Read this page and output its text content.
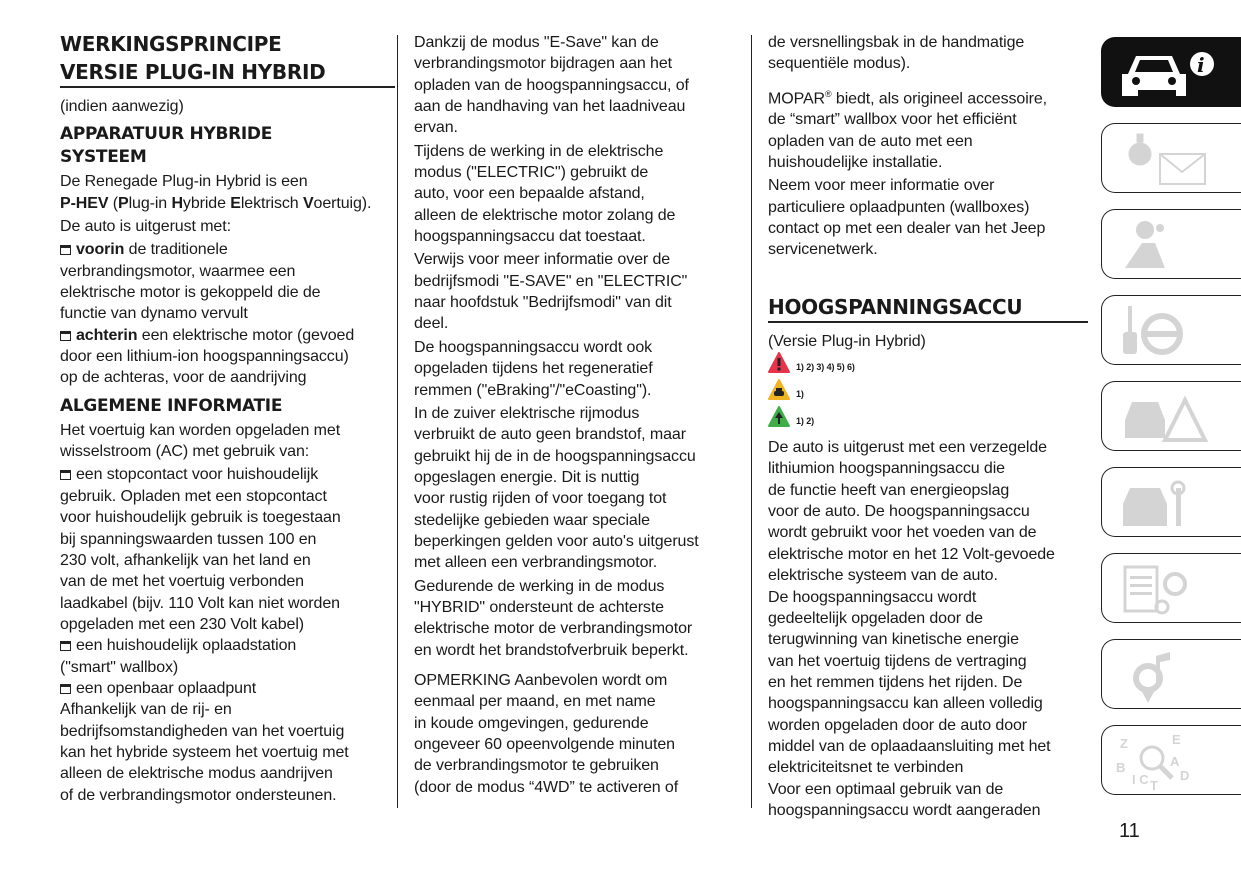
WERKINGSPRINCIPE
VERSIE PLUG-IN HYBRID
(indien aanwezig)
APPARATUUR HYBRIDE
SYSTEEM
De Renegade Plug-in Hybrid is een
P-HEV (Plug-in Hybride Elektrisch Voertuig).
De auto is uitgerust met:
voorin de traditionele
verbrandingsmotor, waarmee een
elektrische motor is gekoppeld die de
functie van dynamo vervult
achterin een elektrische motor (gevoed
door een lithium-ion hoogspanningsaccu)
op de achteras, voor de aandrijving
ALGEMENE INFORMATIE
Het voertuig kan worden opgeladen met
wisselstroom (AC) met gebruik van:
een stopcontact voor huishoudelijk
gebruik. Opladen met een stopcontact
voor huishoudelijk gebruik is toegestaan
bij spanningswaarden tussen 100 en
230 volt, afhankelijk van het land en
van de met het voertuig verbonden
laadkabel (bijv. 110 Volt kan niet worden
opgeladen met een 230 Volt kabel)
een huishoudelijk oplaadstation
("smart" wallbox)
een openbaar oplaadpunt
Afhankelijk van de rij- en
bedrijfsomstandigheden van het voertuig
kan het hybride systeem het voertuig met
alleen de elektrische modus aandrijven
of de verbrandingsmotor ondersteunen.
Dankzij de modus "E-Save" kan de
verbrandingsmotor bijdragen aan het
opladen van de hoogspanningsaccu, of
aan de handhaving van het laadniveau
ervan.
Tijdens de werking in de elektrische
modus ("ELECTRIC") gebruikt de
auto, voor een bepaalde afstand,
alleen de elektrische motor zolang de
hoogspanningsaccu dat toestaat.
Verwijs voor meer informatie over de
bedrijfsmodi "E-SAVE" en "ELECTRIC"
naar hoofdstuk "Bedrijfsmodi" van dit
deel.
De hoogspanningsaccu wordt ook
opgeladen tijdens het regeneratief
remmen ("eBraking"/"eCoasting").
In de zuiver elektrische rijmodus
verbruikt de auto geen brandstof, maar
gebruikt hij de in de hoogspanningsaccu
opgeslagen energie. Dit is nuttig
voor rustig rijden of voor toegang tot
stedelijke gebieden waar speciale
beperkingen gelden voor auto's uitgerust
met alleen een verbrandingsmotor.
Gedurende de werking in de modus
"HYBRID" ondersteunt de achterste
elektrische motor de verbrandingsmotor
en wordt het brandstofverbruik beperkt.
OPMERKING Aanbevolen wordt om
eenmaal per maand, en met name
in koude omgevingen, gedurende
ongeveer 60 opeenvolgende minuten
de verbrandingsmotor te gebruiken
(door de modus “4WD” te activeren of
de versnellingsbak in de handmatige
sequentiële modus).
MOPAR® biedt, als origineel accessoire,
de “smart” wallbox voor het efficiënt
opladen van de auto met een
huishoudelijke installatie.
Neem voor meer informatie over
particuliere oplaadpunten (wallboxes)
contact op met een dealer van het Jeep
servicenetwerk.
HOOGSPANNINGSACCU
(Versie Plug-in Hybrid)
1) 2) 3) 4) 5) 6)
1)
1) 2)
De auto is uitgerust met een verzegelde
lithiumion hoogspanningsaccu die
de functie heeft van energieopslag
voor de auto. De hoogspanningsaccu
wordt gebruikt voor het voeden van de
elektrische motor en het 12 Volt-gevoede
elektrische systeem van de auto.
De hoogspanningsaccu wordt
gedeeltelijk opgeladen door de
terugwinning van kinetische energie
van het voertuig tijdens de vertraging
en het remmen tijdens het rijden. De
hoogspanningsaccu kan alleen volledig
worden opgeladen door de auto door
middel van de oplaadaansluiting met het
elektriciteitsnet te verbinden
Voor een optimaal gebruik van de
hoogspanningsaccu wordt aangeraden
i
Z
B
I C T
E
A
D
11
